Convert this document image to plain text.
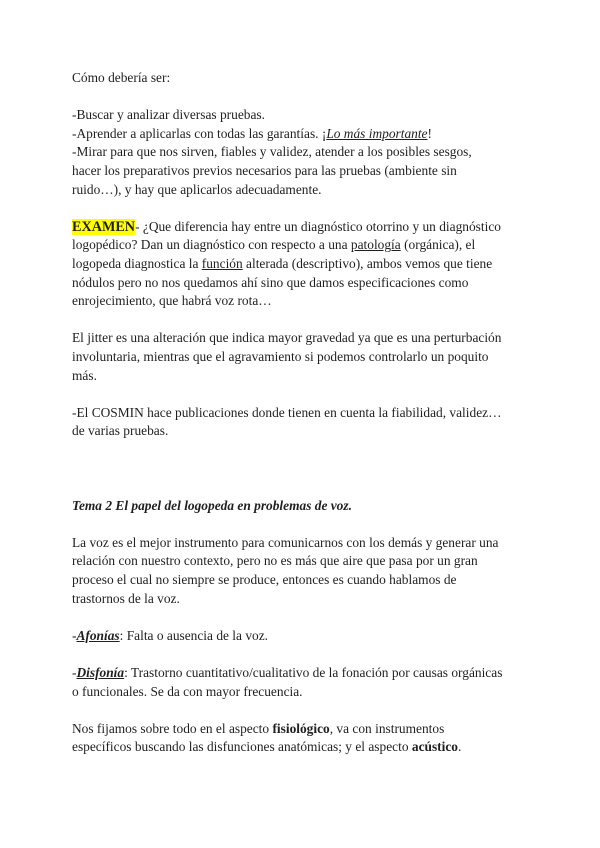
Cómo debería ser:

-Buscar y analizar diversas pruebas.

-Aprender a aplicarlas con todas las garantías. ¡Lo más importante!

-Mirar para que nos sirven, fiables y validez, atender a los posibles sesgos,

hacer los preparativos previos necesarios para las pruebas (ambiente sin

ruido…), y hay que aplicarlos adecuadamente.

EXAMEN- ¿Que diferencia hay entre un diagnóstico otorrino y un diagnóstico

logopédico? Dan un diagnóstico con respecto a una patología (orgánica), el

logopeda diagnostica la función alterada (descriptivo), ambos vemos que tiene

nódulos pero no nos quedamos ahí sino que damos especificaciones como

enrojecimiento, que habrá voz rota…

El jitter es una alteración que indica mayor gravedad ya que es una perturbación

involuntaria, mientras que el agravamiento si podemos controlarlo un poquito

más.

-El COSMIN hace publicaciones donde tienen en cuenta la fiabilidad, validez…

de varias pruebas.

Tema 2 El papel del logopeda en problemas de voz.

La voz es el mejor instrumento para comunicarnos con los demás y generar una

relación con nuestro contexto, pero no es más que aire que pasa por un gran

proceso el cual no siempre se produce, entonces es cuando hablamos de

trastornos de la voz.

-Afonías: Falta o ausencia de la voz.

-Disfonía: Trastorno cuantitativo/cualitativo de la fonación por causas orgánicas

o funcionales. Se da con mayor frecuencia.

Nos fijamos sobre todo en el aspecto fisiológico, va con instrumentos

específicos buscando las disfunciones anatómicas; y el aspecto acústico.
